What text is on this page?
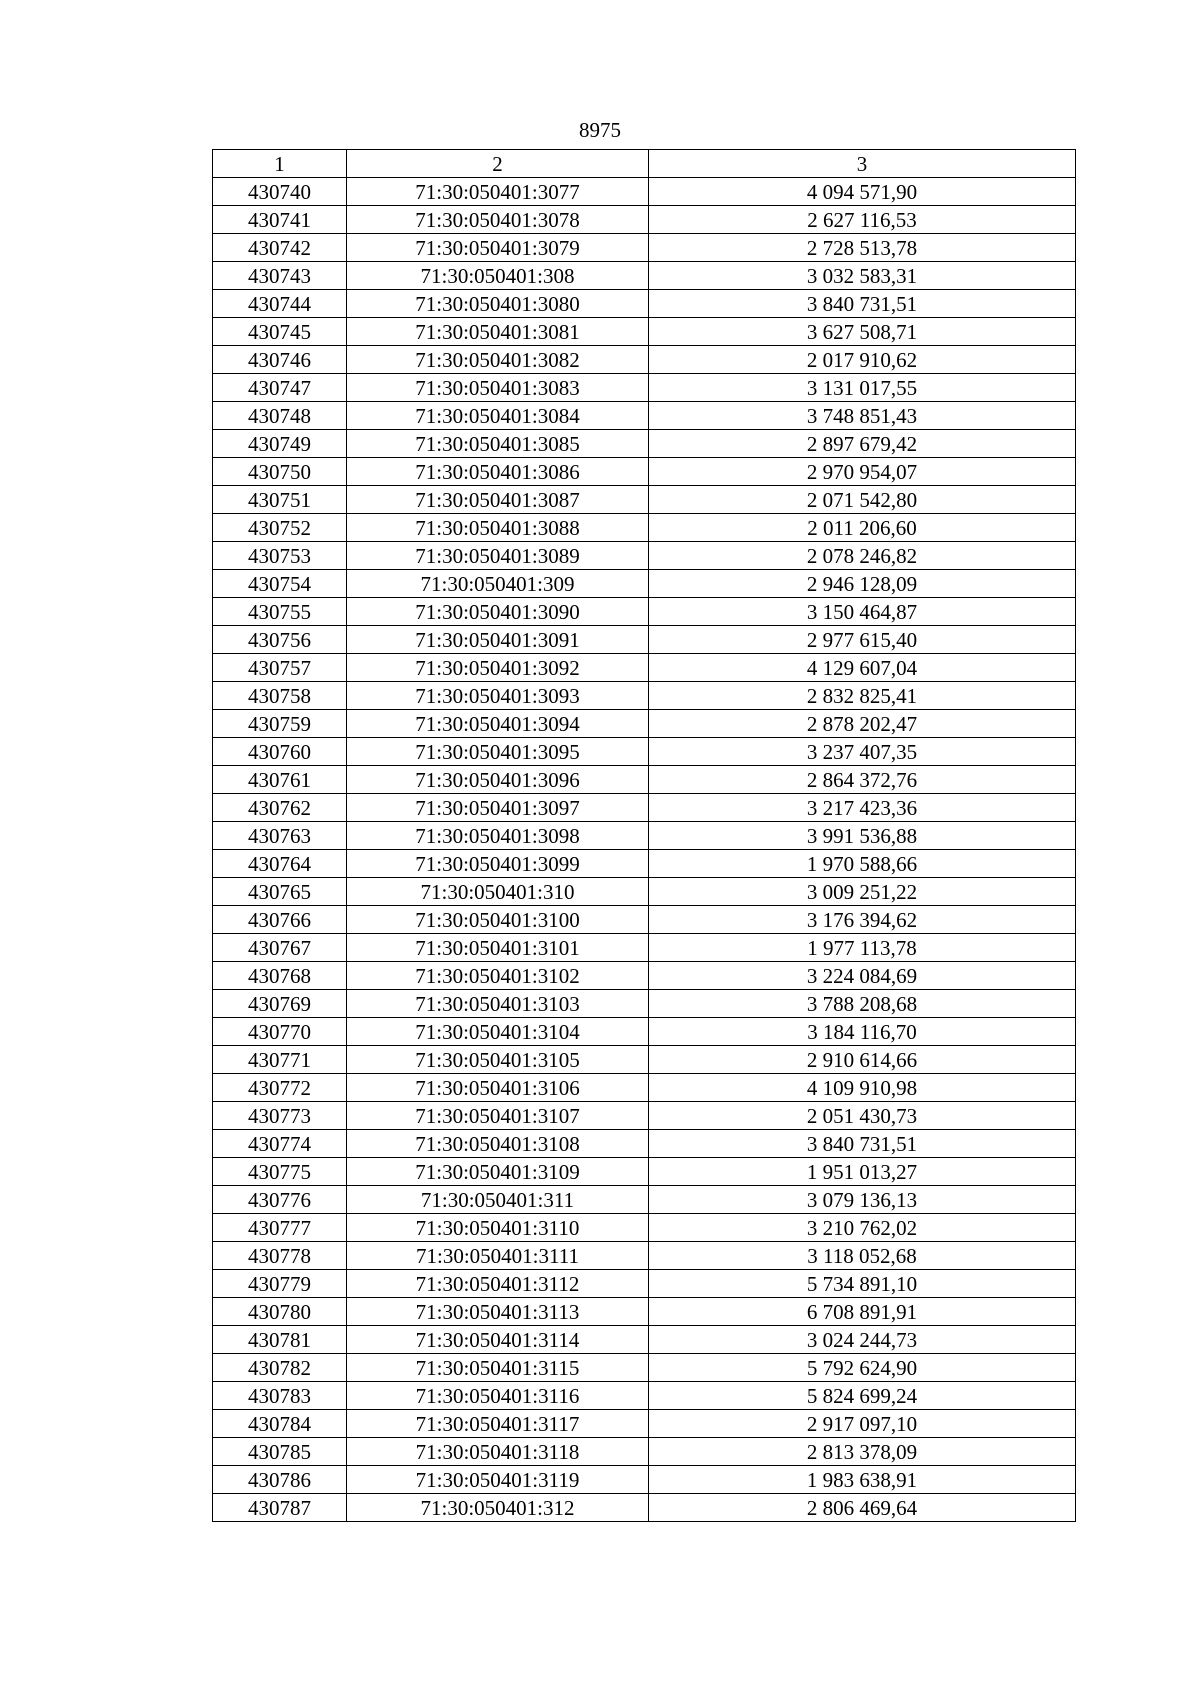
8975
1	2	3
430740	71:30:050401:3077	4 094 571,90
430741	71:30:050401:3078	2 627 116,53
430742	71:30:050401:3079	2 728 513,78
430743	71:30:050401:308	3 032 583,31
430744	71:30:050401:3080	3 840 731,51
430745	71:30:050401:3081	3 627 508,71
430746	71:30:050401:3082	2 017 910,62
430747	71:30:050401:3083	3 131 017,55
430748	71:30:050401:3084	3 748 851,43
430749	71:30:050401:3085	2 897 679,42
430750	71:30:050401:3086	2 970 954,07
430751	71:30:050401:3087	2 071 542,80
430752	71:30:050401:3088	2 011 206,60
430753	71:30:050401:3089	2 078 246,82
430754	71:30:050401:309	2 946 128,09
430755	71:30:050401:3090	3 150 464,87
430756	71:30:050401:3091	2 977 615,40
430757	71:30:050401:3092	4 129 607,04
430758	71:30:050401:3093	2 832 825,41
430759	71:30:050401:3094	2 878 202,47
430760	71:30:050401:3095	3 237 407,35
430761	71:30:050401:3096	2 864 372,76
430762	71:30:050401:3097	3 217 423,36
430763	71:30:050401:3098	3 991 536,88
430764	71:30:050401:3099	1 970 588,66
430765	71:30:050401:310	3 009 251,22
430766	71:30:050401:3100	3 176 394,62
430767	71:30:050401:3101	1 977 113,78
430768	71:30:050401:3102	3 224 084,69
430769	71:30:050401:3103	3 788 208,68
430770	71:30:050401:3104	3 184 116,70
430771	71:30:050401:3105	2 910 614,66
430772	71:30:050401:3106	4 109 910,98
430773	71:30:050401:3107	2 051 430,73
430774	71:30:050401:3108	3 840 731,51
430775	71:30:050401:3109	1 951 013,27
430776	71:30:050401:311	3 079 136,13
430777	71:30:050401:3110	3 210 762,02
430778	71:30:050401:3111	3 118 052,68
430779	71:30:050401:3112	5 734 891,10
430780	71:30:050401:3113	6 708 891,91
430781	71:30:050401:3114	3 024 244,73
430782	71:30:050401:3115	5 792 624,90
430783	71:30:050401:3116	5 824 699,24
430784	71:30:050401:3117	2 917 097,10
430785	71:30:050401:3118	2 813 378,09
430786	71:30:050401:3119	1 983 638,91
430787	71:30:050401:312	2 806 469,64
